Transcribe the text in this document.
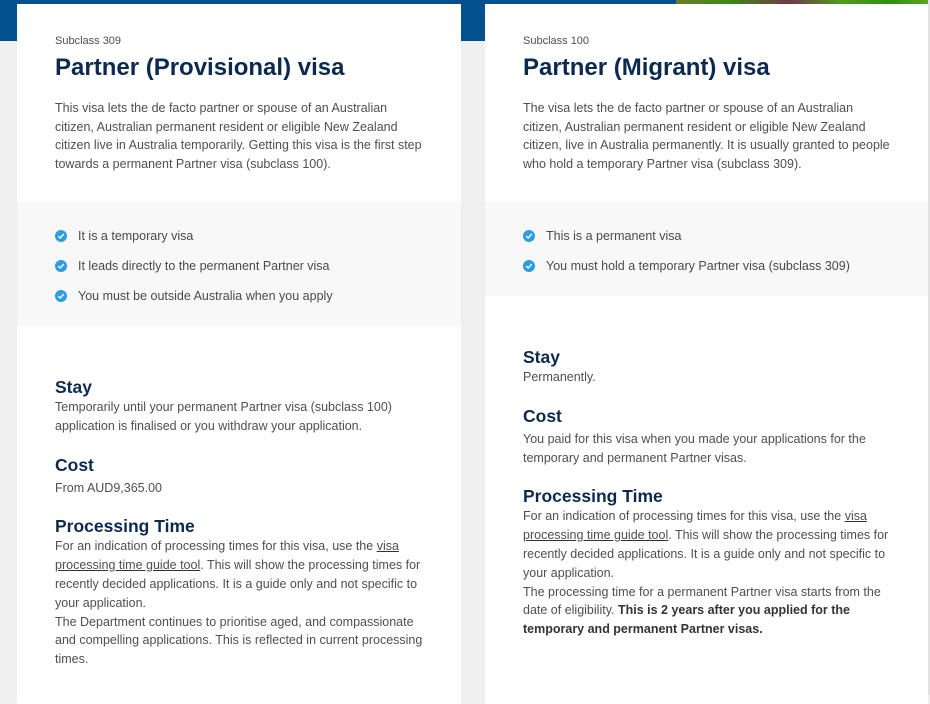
Subclass 309

Partner (Provisional) visa

This visa lets the de facto partner or spouse of an Australian citizen, Australian permanent resident or eligible New Zealand citizen live in Australia temporarily. Getting this visa is the first step towards a permanent Partner visa (subclass 100).

It is a temporary visa
It leads directly to the permanent Partner visa
You must be outside Australia when you apply
Stay

Temporarily until your permanent Partner visa (subclass 100) application is finalised or you withdraw your application.

Cost

From AUD9,365.00

Processing Time

For an indication of processing times for this visa, use the visa processing time guide tool. This will show the processing times for recently decided applications. It is a guide only and not specific to your application.

The Department continues to prioritise aged, and compassionate and compelling applications. This is reflected in current processing times.

Subclass 100

Partner (Migrant) visa

The visa lets the de facto partner or spouse of an Australian citizen, Australian permanent resident or eligible New Zealand citizen, live in Australia permanently. It is usually granted to people who hold a temporary Partner visa (subclass 309).

This is a permanent visa
You must hold a temporary Partner visa (subclass 309)
Stay

Permanently.

Cost

You paid for this visa when you made your applications for the temporary and permanent Partner visas.

Processing Time

For an indication of processing times for this visa, use the visa processing time guide tool. This will show the processing times for recently decided applications. It is a guide only and not specific to your application.

The processing time for a permanent Partner visa starts from the date of eligibility. This is 2 years after you applied for the temporary and permanent Partner visas.
